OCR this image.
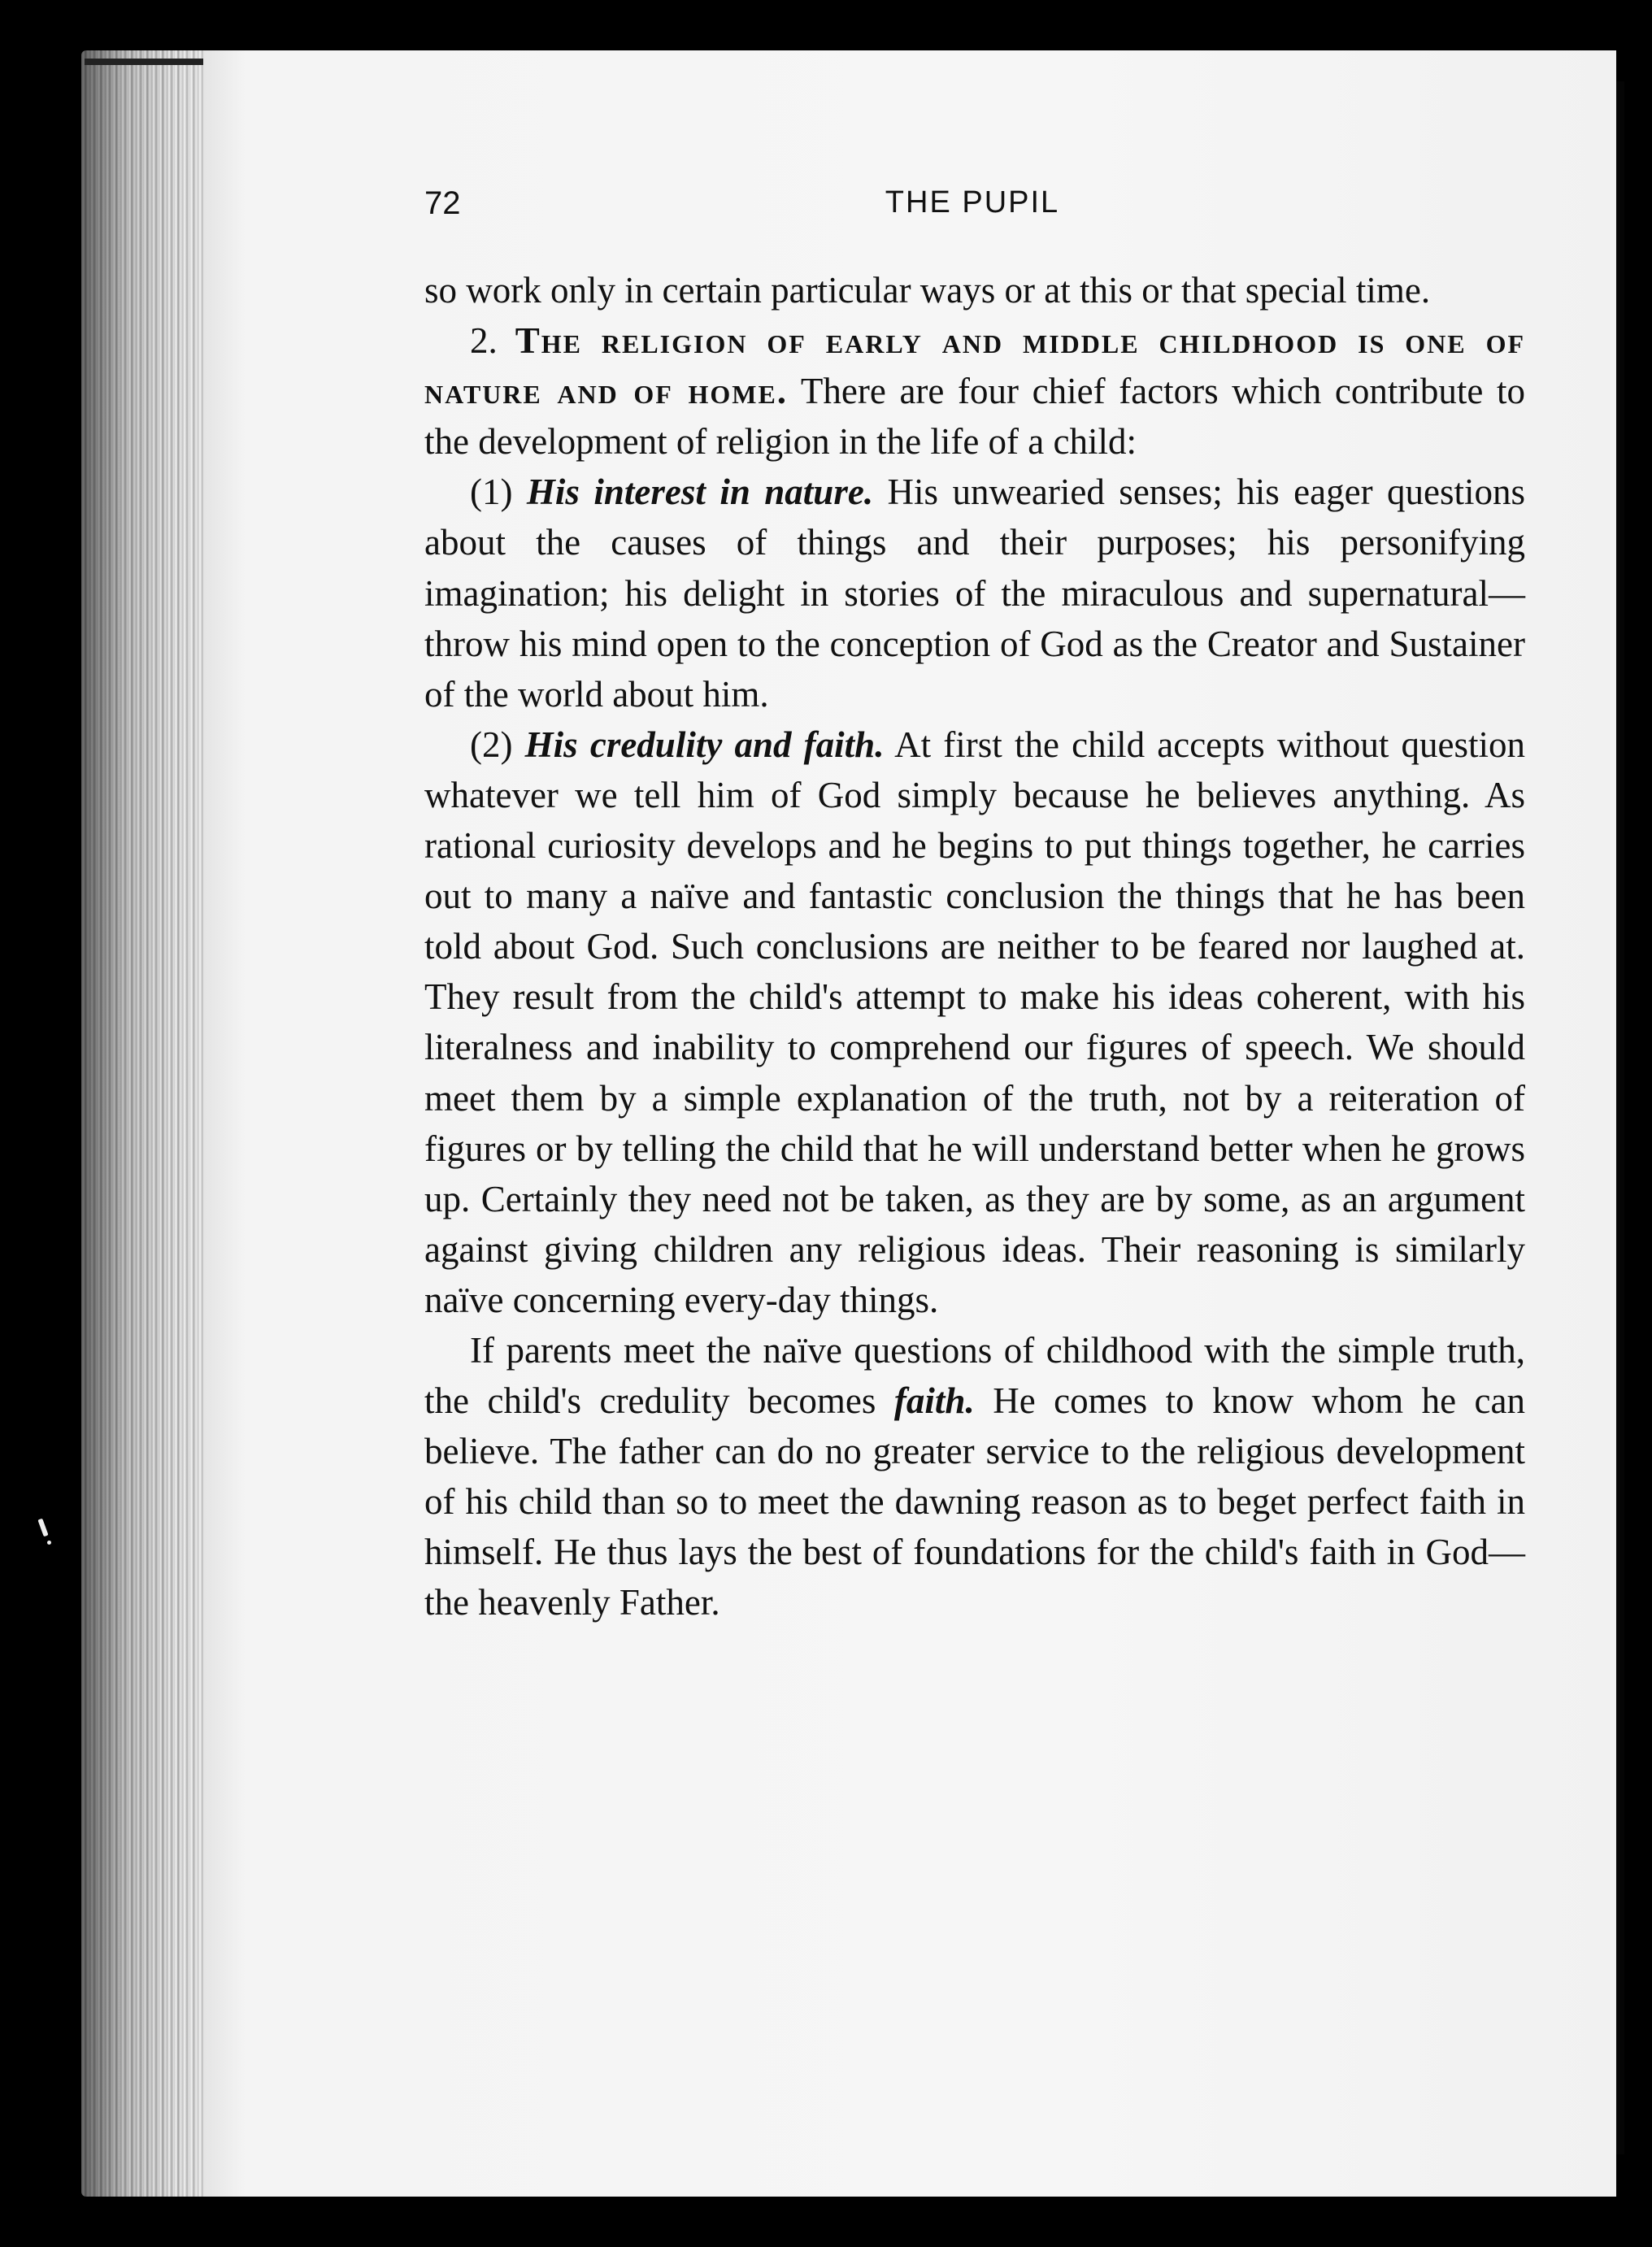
72	THE PUPIL

so work only in certain particular ways or at this or that special time.

2. The religion of early and middle childhood is one of nature and of home. There are four chief factors which contribute to the development of religion in the life of a child:

(1) His interest in nature. His unwearied senses; his eager questions about the causes of things and their purposes; his personifying imagination; his delight in stories of the miraculous and supernatural—throw his mind open to the conception of God as the Creator and Sustainer of the world about him.

(2) His credulity and faith. At first the child accepts without question whatever we tell him of God simply because he believes anything. As rational curiosity develops and he begins to put things together, he carries out to many a naïve and fantastic conclusion the things that he has been told about God. Such conclusions are neither to be feared nor laughed at. They result from the child's attempt to make his ideas coherent, with his literalness and inability to comprehend our figures of speech. We should meet them by a simple explanation of the truth, not by a reiteration of figures or by telling the child that he will understand better when he grows up. Certainly they need not be taken, as they are by some, as an argument against giving children any religious ideas. Their reasoning is similarly naïve concerning every-day things.

If parents meet the naïve questions of childhood with the simple truth, the child's credulity becomes faith. He comes to know whom he can believe. The father can do no greater service to the religious development of his child than so to meet the dawning reason as to beget perfect faith in himself. He thus lays the best of foundations for the child's faith in God—the heavenly Father.
